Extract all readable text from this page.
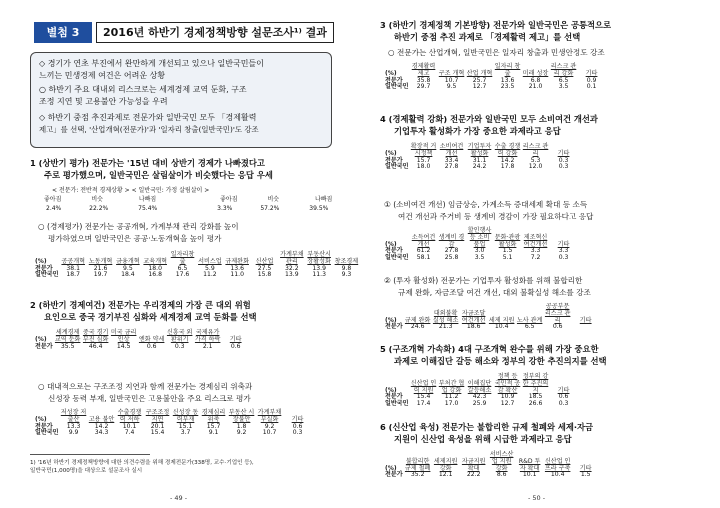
별첨 3	2016년 하반기 경제정책방향 설문조사¹⁾ 결과
◇ 경기가 연초 부진에서 완만하게 개선되고 있으나 일반국민들이
느끼는 민생경제 여건은 어려운 상황
○ 하반기 주요 대내외 리스크로는 세계경제 교역 둔화, 구조
조정 지연 및 고용불안 가능성을 우려
◇ 하반기 중점 추진과제로 전문가와 일반국민 모두 「경제활력
제고」를 선택, '산업개혁(전문가)'과 '일자리 창출(일반국민)'도 강조
1 (상반기 평가) 전문가는 '15년 대비 상반기 경제가 나빠졌다고
주로 평가했으며, 일반국민은 살림살이가 비슷했다는 응답 우세
< 전문가: 전반적 경제상황 > < 일반국민: 가정 살림살이 >
좋아짐	비슷	나빠짐	좋아짐	비슷	나빠짐
2.4%	22.2%	75.4%	3.3%	57.2%	39.5%
○ (경제평가) 전문가는 공공개혁, 가계부채 관리 강화를 높이
평가하였으며 일반국민은 공공·노동개혁을 높이 평가
2 (하반기 경제여건) 전문가는 우리경제의 가장 큰 대외 위험
요인으로 중국 경기부진 심화와 세계경제 교역 둔화를 선택
○ 대내적으로는 구조조정 지연과 함께 전문가는 경제심리 위축과
신성장 동력 부재, 일반국민은 고용불안을 주요 리스크로 평가
1) '16년 하반기 경제정책방향에 대한 의견수렴을 위해 경제전문가(338명, 교수·기업인 등),
일반국민(1,000명)을 대상으로 설문조사 실시
- 49 -
(%)	공공개혁	노동개혁	금융개혁	교육개혁	일자리창출	서비스업	규제완화	신산업	가계부채관리	부동산시장활성화	창조경제
전문가	38.1	21.6	9.5	18.0	6.5	5.9	13.6	27.5	32.2	13.9	9.8
일반국민	18.7	19.7	18.4	16.8	17.6	11.2	11.0	15.8	13.9	11.3	9.3
(%)	세계경제 교역 둔화	중국 경기부진 심화	미국 금리인상	엔화 약세	신흥국 외환위기	국제유가 가격 하락	기타
전문가	35.5	46.4	14.5	0.6	0.3	2.1	0.6
(%)	저성장 저출산	고용 불안	수출경쟁력 저하	구조조정 지연	신성장 동력부재	경제심리 위축	부동산 시장불안	가계부채 부실화	기타
전문가	13.3	14.2	10.1	20.1	15.1	15.7	1.8	9.2	0.6
일반국민	9.9	34.3	7.4	15.4	3.7	9.1	9.2	10.7	0.3
3 (하반기 경제정책 기본방향) 전문가와 일반국민은 공통적으로
하반기 중점 추진 과제로 「경제활력 제고」를 선택
○ 전문가는 산업개혁, 일반국민은 일자리 창출과 민생안정도 강조
4 (경제활력 강화) 전문가와 일반국민 모두 소비여건 개선과
기업투자 활성화가 가장 중요한 과제라고 응답
① (소비여건 개선) 임금상승, 가계소득 증대세제 확대 등 소득
여건 개선과 주거비 등 생계비 경감이 가장 필요하다고 응답
② (투자 활성화) 전문가는 기업투자 활성화를 위해 불합리한
규제 완화, 자금조달 여건 개선, 대외 불확실성 해소를 강조
5 (구조개혁 가속화) 4대 구조개혁 완수를 위해 가장 중요한
과제로 이해집단 갈등 해소와 정부의 강한 추진의지를 선택
6 (신산업 육성) 전문가는 불합리한 규제 철폐와 세제·자금
지원이 신산업 육성을 위해 시급한 과제라고 응답
- 50 -
(%)	경제활력 제고	구조 개혁	산업 개혁	일자리 창출	미래 성장	리스크 관리 강화	기타
전문가	35.8	10.7	25.7	13.6	6.8	6.5	0.9
일반국민	29.7	9.5	12.7	23.5	21.0	3.5	0.1
(%)	확장적 거시정책	소비여건 개선	기업투자 활성화	수출 경쟁력 강화	리스크 관리	기타
전문가	15.7	33.4	31.1	14.2	5.3	0.3
일반국민	18.0	27.8	24.2	17.8	12.0	0.3
(%)	소득여건 개선	생계비 경감	할인행사 등 소비 붐업	문화·관광 활성화	제조혁신 여건개선	기타
전문가	61.2	27.8	3.0	1.5	3.3	3.3
일반국민	58.1	25.8	3.5	5.1	7.2	0.3
(%)	규제 완화	대외불확실성 해소	자금조달 여건개선	세제 지원	노사 관계	공공부문 리스크 관리	기타
전문가	24.6	21.3	18.6	10.4	6.5	0.6	
(%)	신산업 인력 지원	부처간 협업 강화	이해집단 갈등해소	정책 등 국민적 공감 확산	정부의 강한 추진의지	기타
전문가	15.4	11.2	42.3	10.9	18.5	0.6
일반국민	17.4	17.0	25.9	12.7	26.6	0.3
(%)	불합리한 규제 철폐	세제지원 강화	자금지원 확대	서비스산업 지원 강화	R&D 투자 확대	신산업 인프라 구축	기타
전문가	35.2	12.1	22.2	8.6	10.1	10.4	1.5
